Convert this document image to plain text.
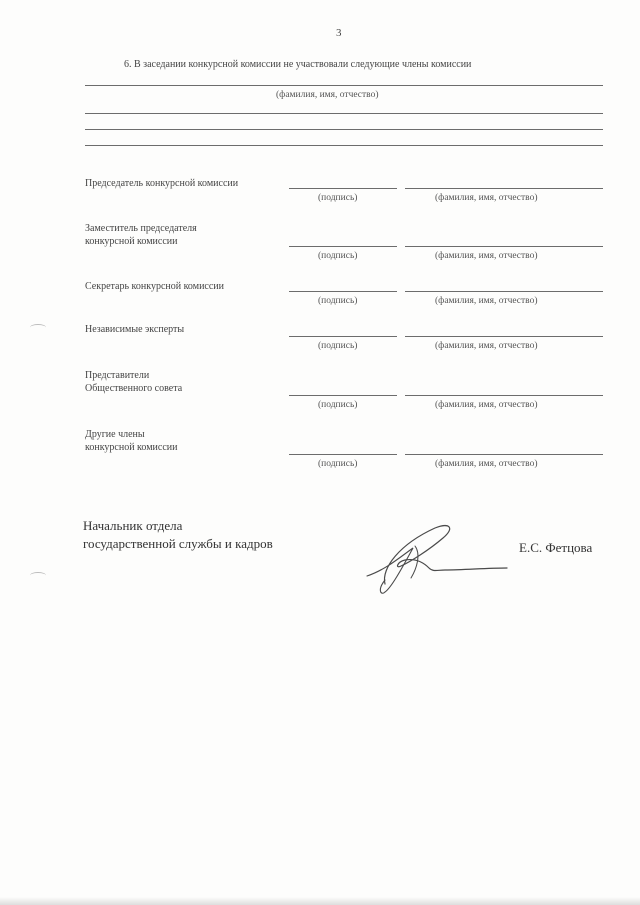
3
6. В заседании конкурсной комиссии не участвовали следующие члены комиссии
(фамилия, имя, отчество)
Председатель конкурсной комиссии
(подпись)	(фамилия, имя, отчество)
Заместитель председателя
конкурсной комиссии
(подпись)	(фамилия, имя, отчество)
Секретарь конкурсной комиссии
(подпись)	(фамилия, имя, отчество)
Независимые эксперты
(подпись)	(фамилия, имя, отчество)
Представители
Общественного совета
(подпись)	(фамилия, имя, отчество)
Другие члены
конкурсной комиссии
(подпись)	(фамилия, имя, отчество)
Начальник отдела
государственной службы и кадров	Е.С. Фетцова
